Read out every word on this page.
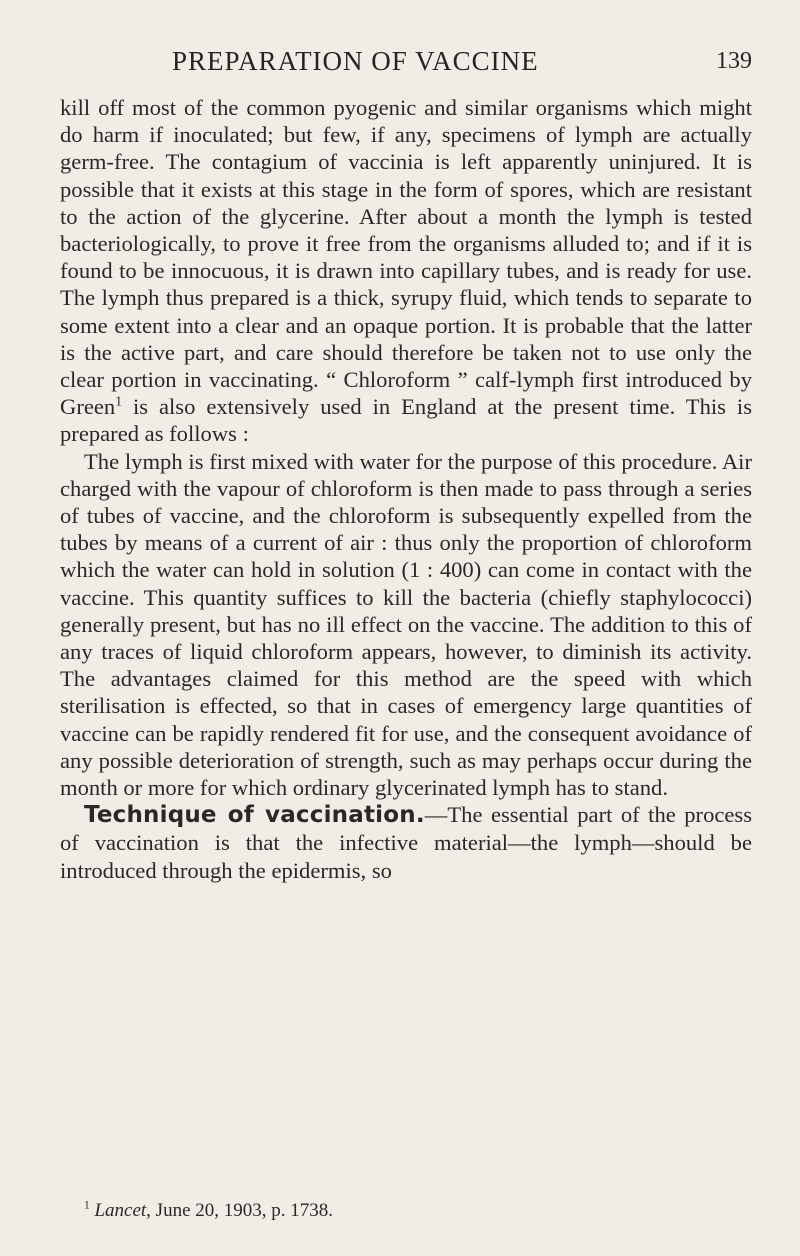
PREPARATION OF VACCINE	139

kill off most of the common pyogenic and similar organisms which might do harm if inoculated; but few, if any, specimens of lymph are actually germ-free. The contagium of vaccinia is left apparently uninjured. It is possible that it exists at this stage in the form of spores, which are resistant to the action of the glycerine. After about a month the lymph is tested bacteriologically, to prove it free from the organisms alluded to; and if it is found to be innocuous, it is drawn into capillary tubes, and is ready for use. The lymph thus prepared is a thick, syrupy fluid, which tends to separate to some extent into a clear and an opaque portion. It is probable that the latter is the active part, and care should therefore be taken not to use only the clear portion in vaccinating. “ Chloroform ” calf-lymph first introduced by Green$^1$ is also extensively used in England at the present time. This is prepared as follows :

The lymph is first mixed with water for the purpose of this procedure. Air charged with the vapour of chloroform is then made to pass through a series of tubes of vaccine, and the chloroform is subsequently expelled from the tubes by means of a current of air : thus only the proportion of chloroform which the water can hold in solution (1 : 400) can come in contact with the vaccine. This quantity suffices to kill the bacteria (chiefly staphylococci) generally present, but has no ill effect on the vaccine. The addition to this of any traces of liquid chloroform appears, however, to diminish its activity. The advantages claimed for this method are the speed with which sterilisation is effected, so that in cases of emergency large quantities of vaccine can be rapidly rendered fit for use, and the consequent avoidance of any possible deterioration of strength, such as may perhaps occur during the month or more for which ordinary glycerinated lymph has to stand.

Technique of vaccination.—The essential part of the process of vaccination is that the infective material—the lymph—should be introduced through the epidermis, so

$^1$ Lancet, June 20, 1903, p. 1738.
